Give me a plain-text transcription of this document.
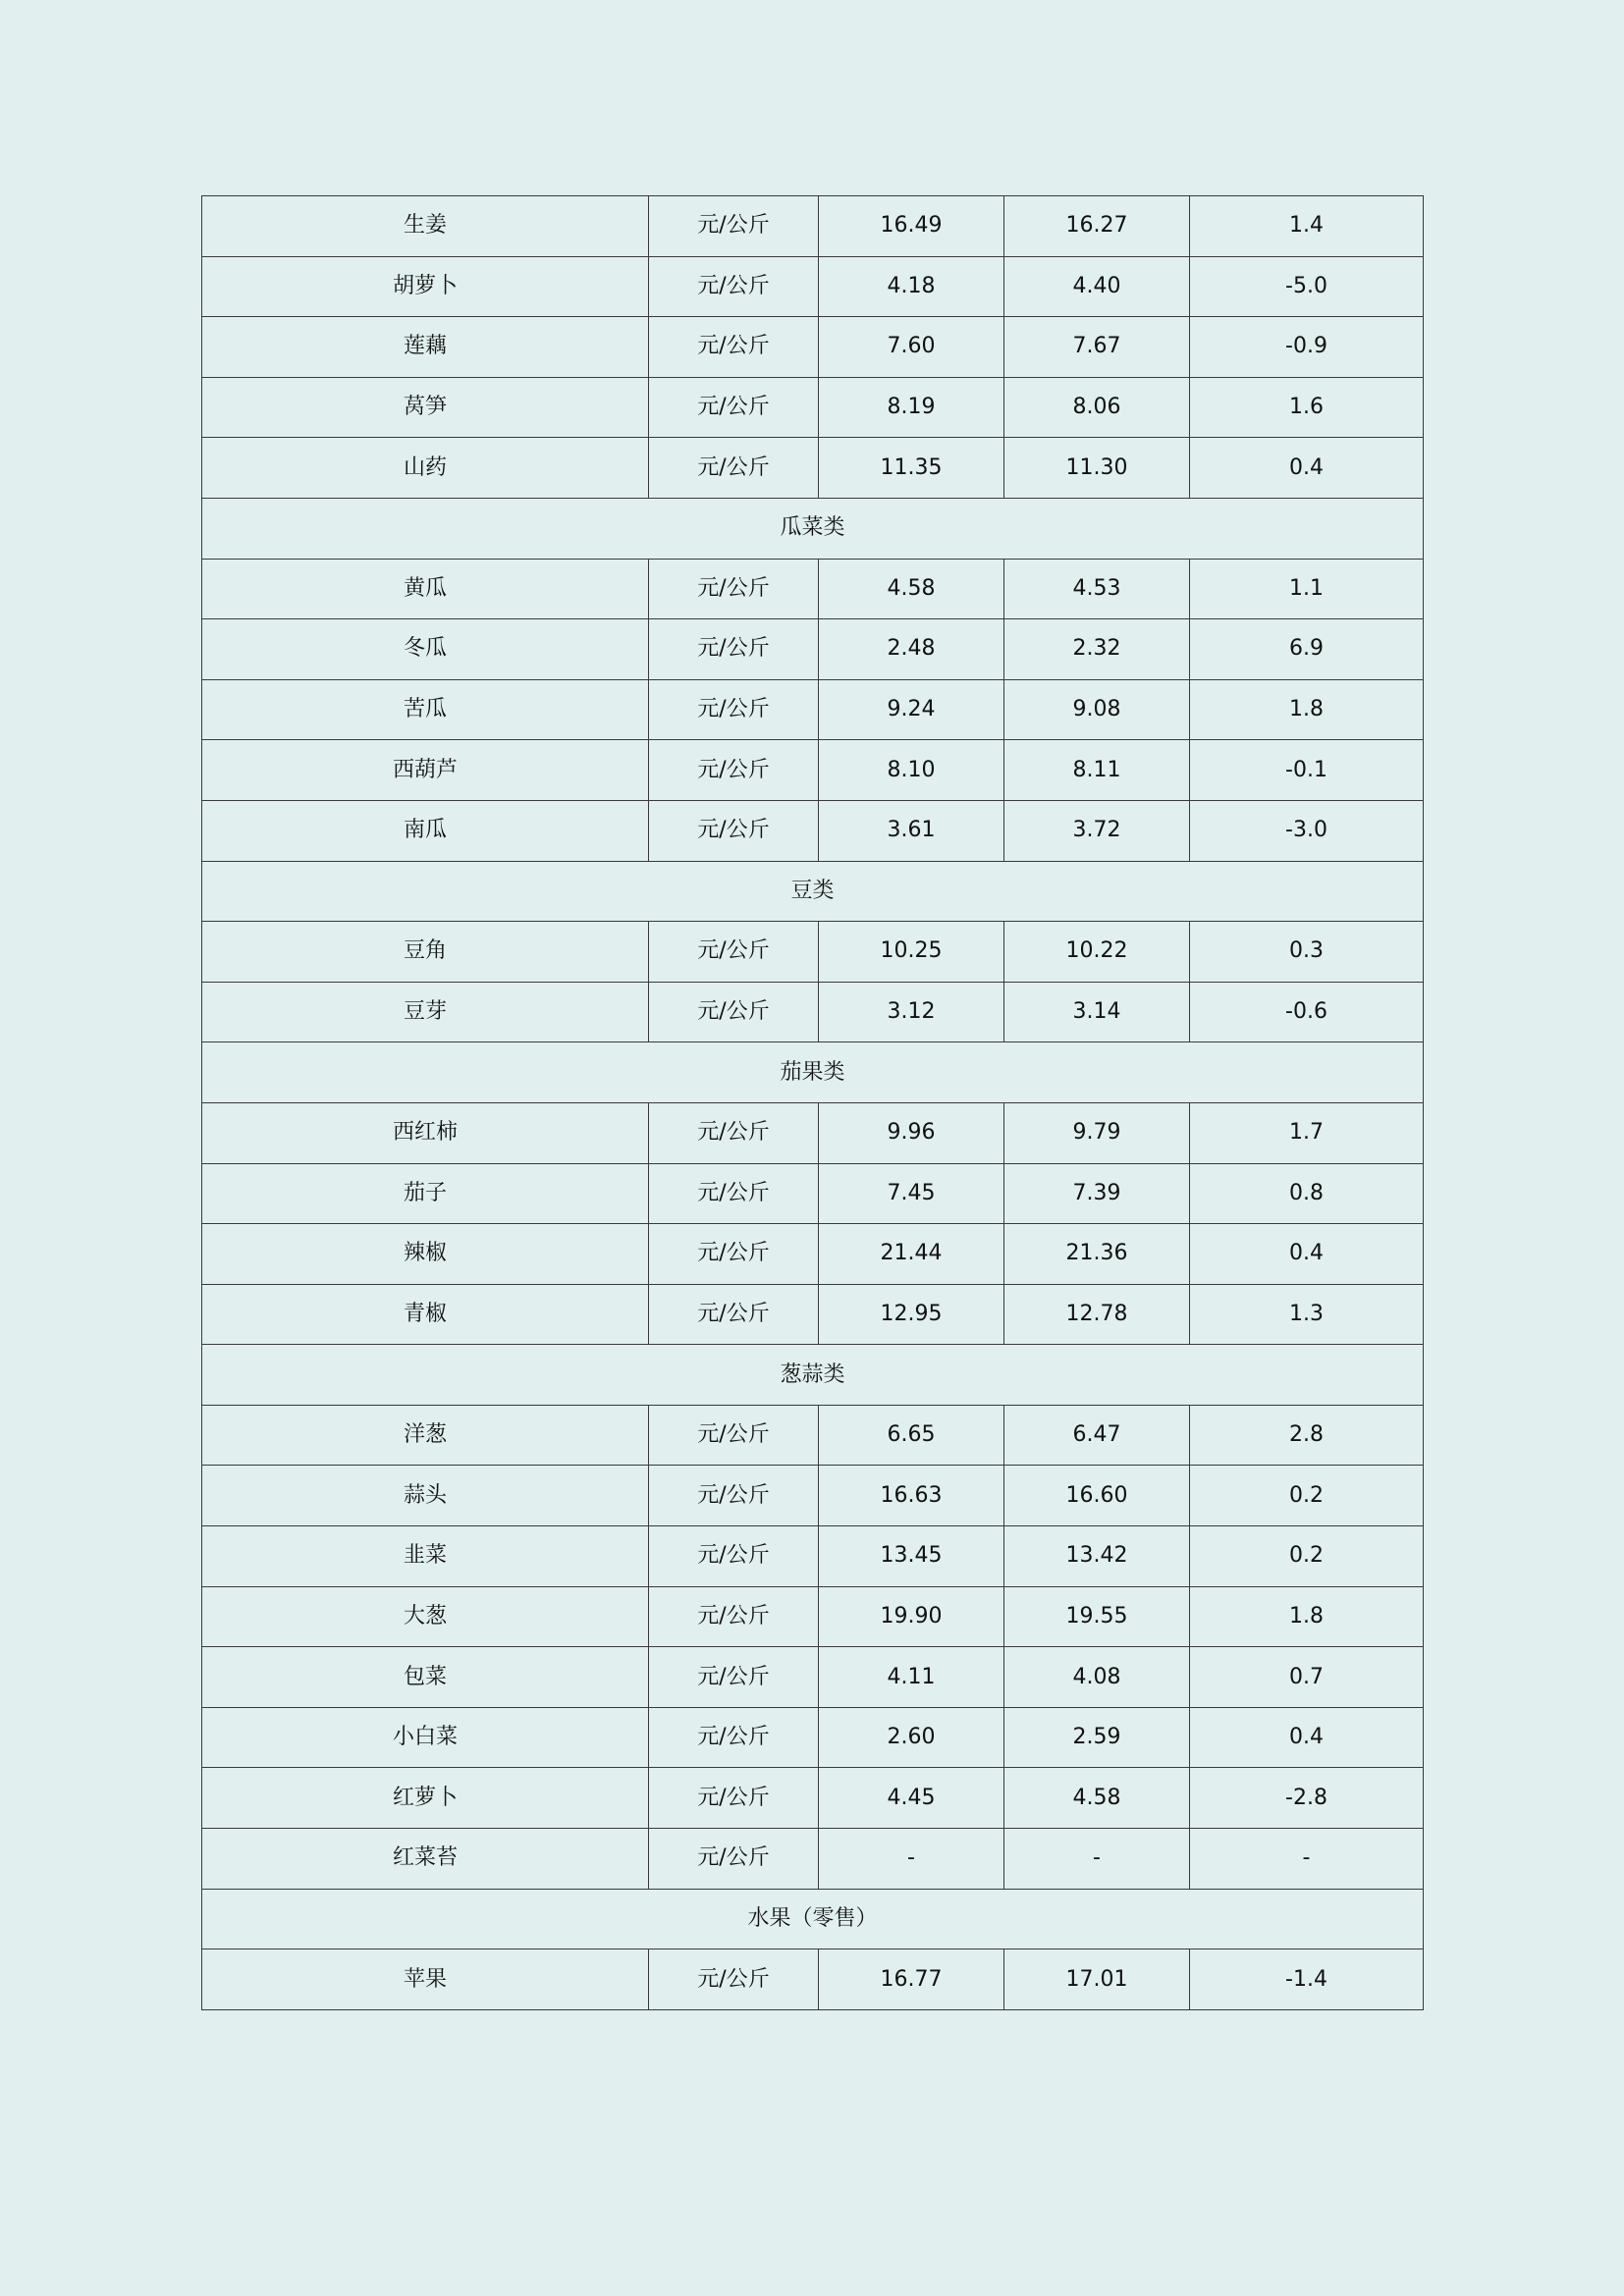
生姜	元/公斤	16.49	16.27	1.4
胡萝卜	元/公斤	4.18	4.40	-5.0
莲藕	元/公斤	7.60	7.67	-0.9
莴笋	元/公斤	8.19	8.06	1.6
山药	元/公斤	11.35	11.30	0.4
瓜菜类				
黄瓜	元/公斤	4.58	4.53	1.1
冬瓜	元/公斤	2.48	2.32	6.9
苦瓜	元/公斤	9.24	9.08	1.8
西葫芦	元/公斤	8.10	8.11	-0.1
南瓜	元/公斤	3.61	3.72	-3.0
豆类				
豆角	元/公斤	10.25	10.22	0.3
豆芽	元/公斤	3.12	3.14	-0.6
茄果类				
西红柿	元/公斤	9.96	9.79	1.7
茄子	元/公斤	7.45	7.39	0.8
辣椒	元/公斤	21.44	21.36	0.4
青椒	元/公斤	12.95	12.78	1.3
葱蒜类				
洋葱	元/公斤	6.65	6.47	2.8
蒜头	元/公斤	16.63	16.60	0.2
韭菜	元/公斤	13.45	13.42	0.2
大葱	元/公斤	19.90	19.55	1.8
包菜	元/公斤	4.11	4.08	0.7
小白菜	元/公斤	2.60	2.59	0.4
红萝卜	元/公斤	4.45	4.58	-2.8
红菜苔	元/公斤	-	-	-
水果（零售）				
苹果	元/公斤	16.77	17.01	-1.4
